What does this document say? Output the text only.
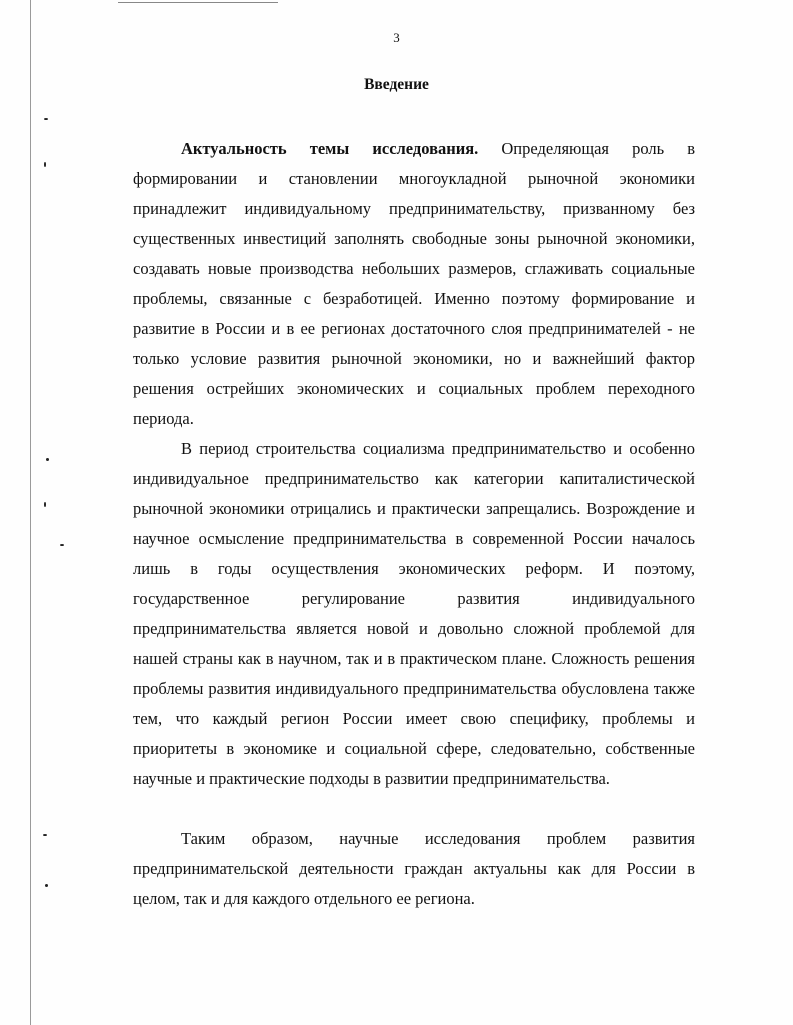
3
Введение
Актуальность темы исследования. Определяющая роль в формировании и становлении многоукладной рыночной экономики принадлежит индивидуальному предпринимательству, призванному без существенных инвестиций заполнять свободные зоны рыночной экономики, создавать новые производства небольших размеров, сглаживать социальные проблемы, связанные с безработицей. Именно поэтому формирование и развитие в России и в ее регионах достаточного слоя предпринимателей - не только условие развития рыночной экономики, но и важнейший фактор решения острейших экономических и социальных проблем переходного периода.
В период строительства социализма предпринимательство и особенно индивидуальное предпринимательство как категории капиталистической рыночной экономики отрицались и практически запрещались. Возрождение и научное осмысление предпринимательства в современной России началось лишь в годы осуществления экономических реформ. И поэтому, государственное регулирование развития индивидуального предпринимательства является новой и довольно сложной проблемой для нашей страны как в научном, так и в практическом плане. Сложность решения проблемы развития индивидуального предпринимательства обусловлена также тем, что каждый регион России имеет свою специфику, проблемы и приоритеты в экономике и социальной сфере, следовательно, собственные научные и практические подходы в развитии предпринимательства.
Таким образом, научные исследования проблем развития предпринимательской деятельности граждан актуальны как для России в целом, так и для каждого отдельного ее региона.
